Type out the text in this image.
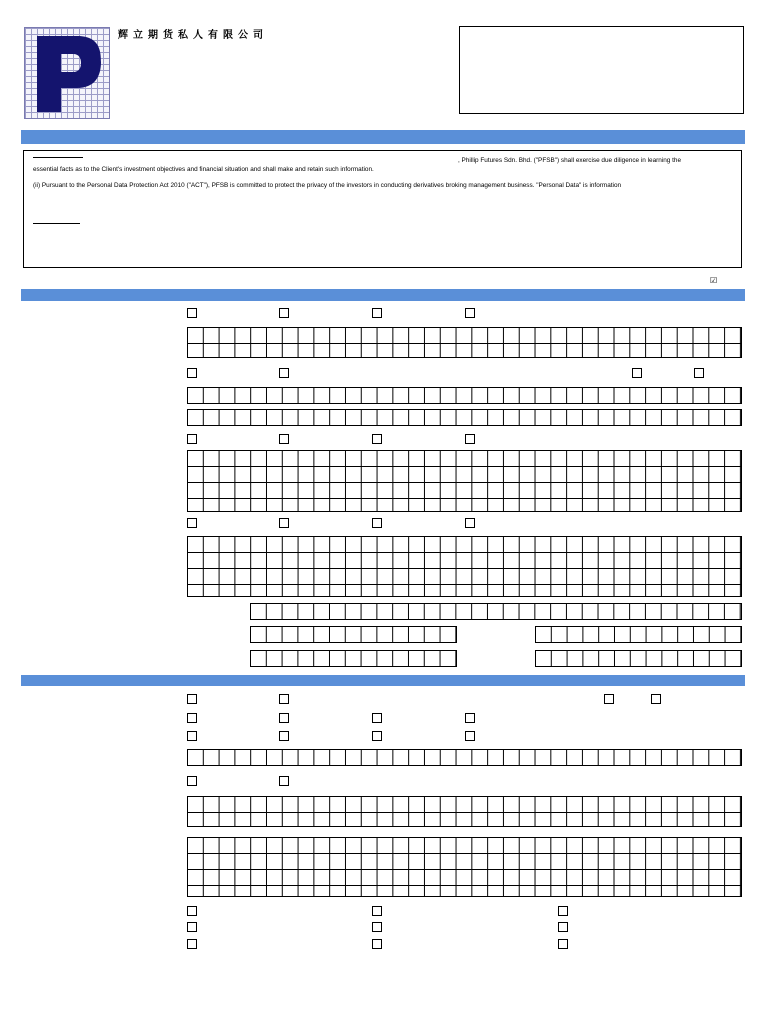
辉立期货私人有限公司
, Phillip Futures Sdn. Bhd. ("PFSB") shall exercise due diligence in learning the
essential facts as to the Client's investment objectives and financial situation and shall make and retain such information.
(ii) Pursuant to the Personal Data Protection Act 2010 ("ACT"), PFSB is committed to protect the privacy of the investors in conducting derivatives broking management business. "Personal Data" is information
☑
